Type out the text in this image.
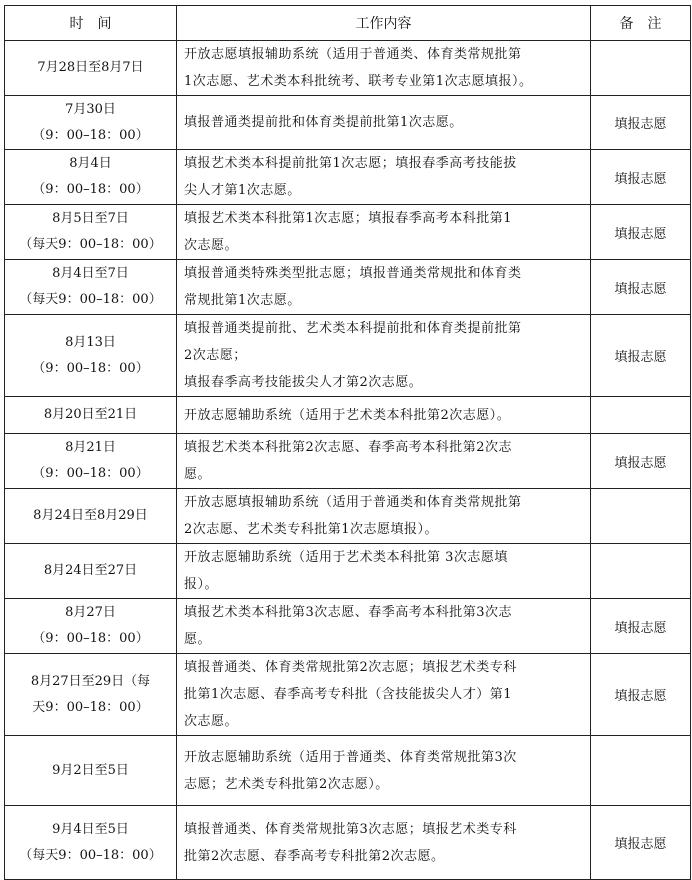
时　间	工作内容	备　注

7月28日至8月7日	开放志愿填报辅助系统（适用于普通类、体育类常规批第
1次志愿、艺术类本科批统考、联考专业第1次志愿填报）。	

7月30日
（9：00–18：00）	填报普通类提前批和体育类提前批第1次志愿。	填报志愿

8月4日
（9：00–18：00）	填报艺术类本科提前批第1次志愿；填报春季高考技能拔
尖人才第1次志愿。	填报志愿

8月5日至7日
（每天9：00–18：00）	填报艺术类本科批第1次志愿；填报春季高考本科批第1
次志愿。	填报志愿

8月4日至7日
（每天9：00–18：00）	填报普通类特殊类型批志愿；填报普通类常规批和体育类
常规批第1次志愿。	填报志愿

8月13日
（9：00–18：00）	填报普通类提前批、艺术类本科提前批和体育类提前批第
2次志愿；
填报春季高考技能拔尖人才第2次志愿。	填报志愿

8月20日至21日	开放志愿辅助系统（适用于艺术类本科批第2次志愿）。	

8月21日
（9：00–18：00）	填报艺术类本科批第2次志愿、春季高考本科批第2次志
愿。	填报志愿

8月24日至8月29日	开放志愿填报辅助系统（适用于普通类和体育类常规批第
2次志愿、艺术类专科批第1次志愿填报）。	

8月24日至27日	开放志愿辅助系统（适用于艺术类本科批第 3次志愿填
报）。	

8月27日
（9：00–18：00）	填报艺术类本科批第3次志愿、春季高考本科批第3次志
愿。	填报志愿

8月27日至29日（每
天9：00–18：00）	填报普通类、体育类常规批第2次志愿；填报艺术类专科
批第1次志愿、春季高考专科批（含技能拔尖人才）第1
次志愿。	填报志愿

9月2日至5日	开放志愿辅助系统（适用于普通类、体育类常规批第3次
志愿；艺术类专科批第2次志愿）。	

9月4日至5日
（每天9：00–18：00）	填报普通类、体育类常规批第3次志愿；填报艺术类专科
批第2次志愿、春季高考专科批第2次志愿。	填报志愿
